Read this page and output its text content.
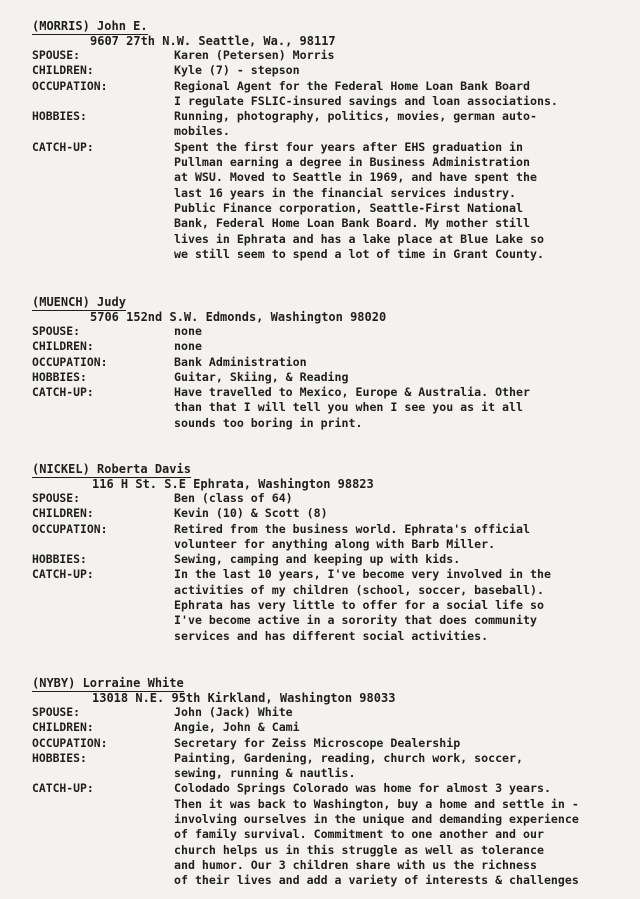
(MORRIS) John E.
9607 27th N.W. Seattle, Wa., 98117
SPOUSE:	Karen (Petersen) Morris
CHILDREN:	Kyle (7) - stepson
OCCUPATION:	Regional Agent for the Federal Home Loan Bank Board
I regulate FSLIC-insured savings and loan associations.
HOBBIES:	Running, photography, politics, movies, german auto-
mobiles.
CATCH-UP:	Spent the first four years after EHS graduation in
Pullman earning a degree in Business Administration
at WSU. Moved to Seattle in 1969, and have spent the
last 16 years in the financial services industry.
Public Finance corporation, Seattle-First National
Bank, Federal Home Loan Bank Board. My mother still
lives in Ephrata and has a lake place at Blue Lake so
we still seem to spend a lot of time in Grant County.
(MUENCH) Judy
5706 152nd S.W. Edmonds, Washington 98020
SPOUSE:	none
CHILDREN:	none
OCCUPATION:	Bank Administration
HOBBIES:	Guitar, Skiing, & Reading
CATCH-UP:	Have travelled to Mexico, Europe & Australia. Other
than that I will tell you when I see you as it all
sounds too boring in print.
(NICKEL) Roberta Davis
116 H St. S.E Ephrata, Washington 98823
SPOUSE:	Ben (class of 64)
CHILDREN:	Kevin (10) & Scott (8)
OCCUPATION:	Retired from the business world. Ephrata's official
volunteer for anything along with Barb Miller.
HOBBIES:	Sewing, camping and keeping up with kids.
CATCH-UP:	In the last 10 years, I've become very involved in the
activities of my children (school, soccer, baseball).
Ephrata has very little to offer for a social life so
I've become active in a sorority that does community
services and has different social activities.
(NYBY) Lorraine White
13018 N.E. 95th Kirkland, Washington 98033
SPOUSE:	John (Jack) White
CHILDREN:	Angie, John & Cami
OCCUPATION:	Secretary for Zeiss Microscope Dealership
HOBBIES:	Painting, Gardening, reading, church work, soccer,
sewing, running & nautlis.
CATCH-UP:	Colodado Springs Colorado was home for almost 3 years.
Then it was back to Washington, buy a home and settle in -
involving ourselves in the unique and demanding experience
of family survival. Commitment to one another and our
church helps us in this struggle as well as tolerance
and humor. Our 3 children share with us the richness
of their lives and add a variety of interests & challenges
